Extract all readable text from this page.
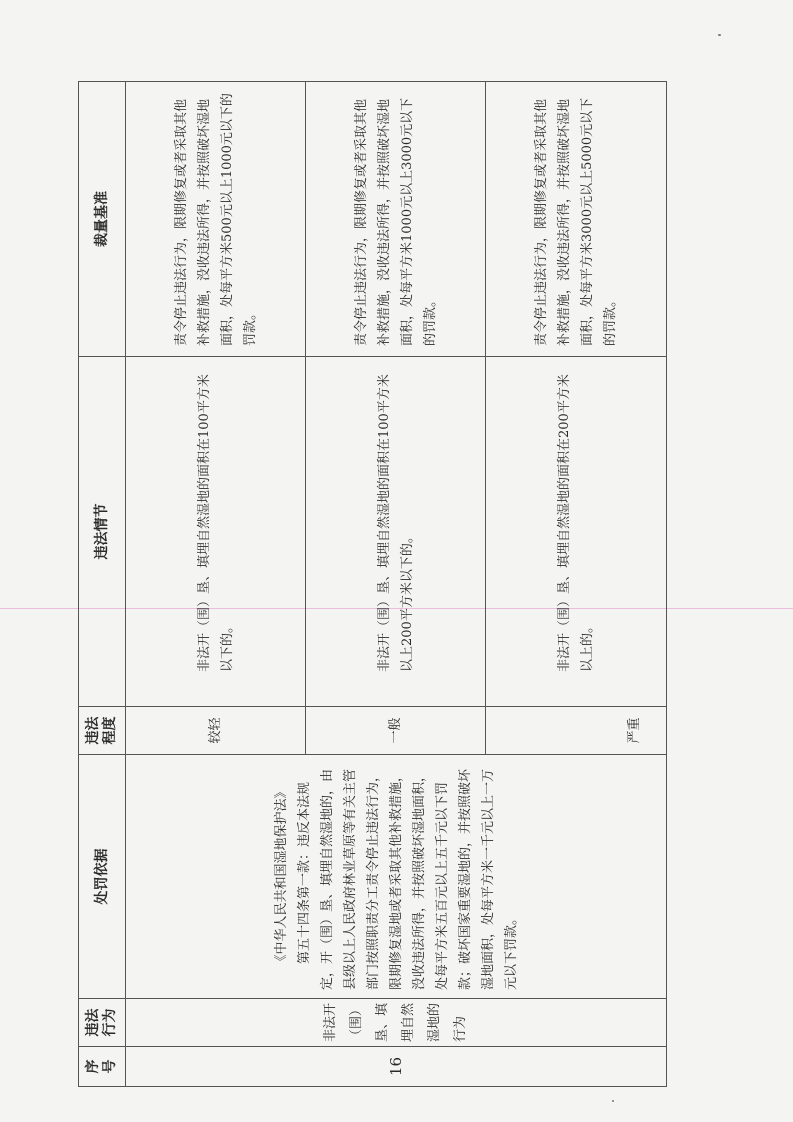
序号	违法行为	处罚依据	违法程度	违法情节	裁量基准
16	非法开（围）垦、填埋自然湿地的行为	《中华人民共和国湿地保护法》 第五十四条第一款：违反本法规定，开（围）垦、填埋自然湿地的，由县级以上人民政府林业草原等有关主管部门按照职责分工责令停止违法行为，限期修复湿地或者采取其他补救措施，没收违法所得，并按照破坏湿地面积，处每平方米五百元以上五千元以下罚款；破坏国家重要湿地的，并按照破坏湿地面积，处每平方米一千元以上一万元以下罚款。	较轻	非法开（围）垦、填埋自然湿地的面积在100平方米以下的。	责令停止违法行为，限期修复或者采取其他补救措施，没收违法所得，并按照破坏湿地面积，处每平方米500元以上1000元以下的罚款。
			一般	非法开（围）垦、填埋自然湿地的面积在100平方米以上200平方米以下的。	责令停止违法行为，限期修复或者采取其他补救措施，没收违法所得，并按照破坏湿地面积，处每平方米1000元以上3000元以下的罚款。
			严重	非法开（围）垦、填埋自然湿地的面积在200平方米以上的。	责令停止违法行为，限期修复或者采取其他补救措施，没收违法所得，并按照破坏湿地面积，处每平方米3000元以上5000元以下的罚款。
